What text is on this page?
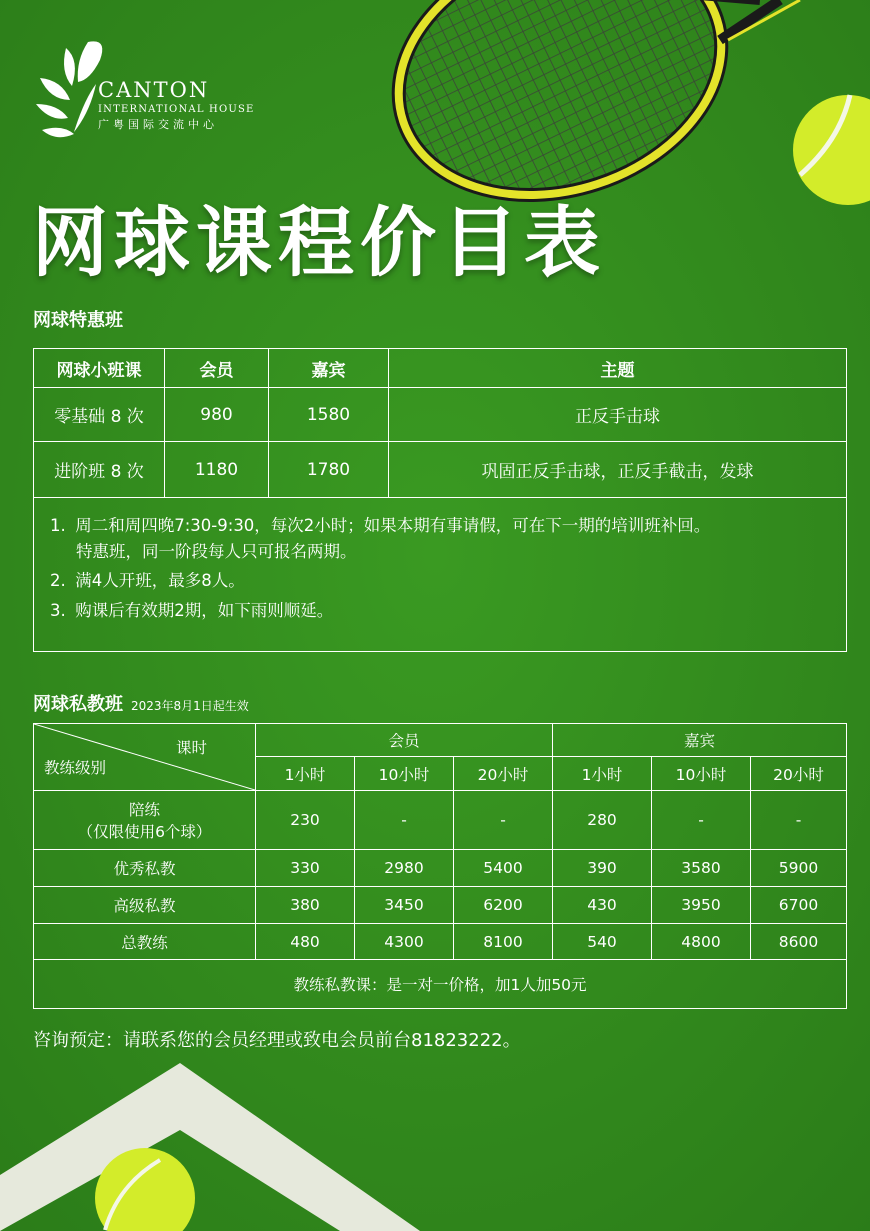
CANTON
INTERNATIONAL HOUSE
广粤国际交流中心
网球课程价目表
网球特惠班
网球小班课	会员	嘉宾	主题
零基础 8 次	980	1580	正反手击球
进阶班 8 次	1180	1780	巩固正反手击球，正反手截击，发球
1. 周二和周四晚7:30-9:30，每次2小时；如果本期有事请假，可在下一期的培训班补回。
特惠班，同一阶段每人只可报名两期。
2. 满4人开班，最多8人。
3. 购课后有效期2期，如下雨则顺延。
网球私教班 2023年8月1日起生效
课时
教练级别	会员			嘉宾		
	1小时	10小时	20小时	1小时	10小时	20小时

陪练
（仅限使用6个球）	230	-	-	280	-	-
优秀私教	330	2980	5400	390	3580	5900
高级私教	380	3450	6200	430	3950	6700
总教练	480	4300	8100	540	4800	8600
教练私教课：是一对一价格，加1人加50元						
咨询预定：请联系您的会员经理或致电会员前台81823222。
